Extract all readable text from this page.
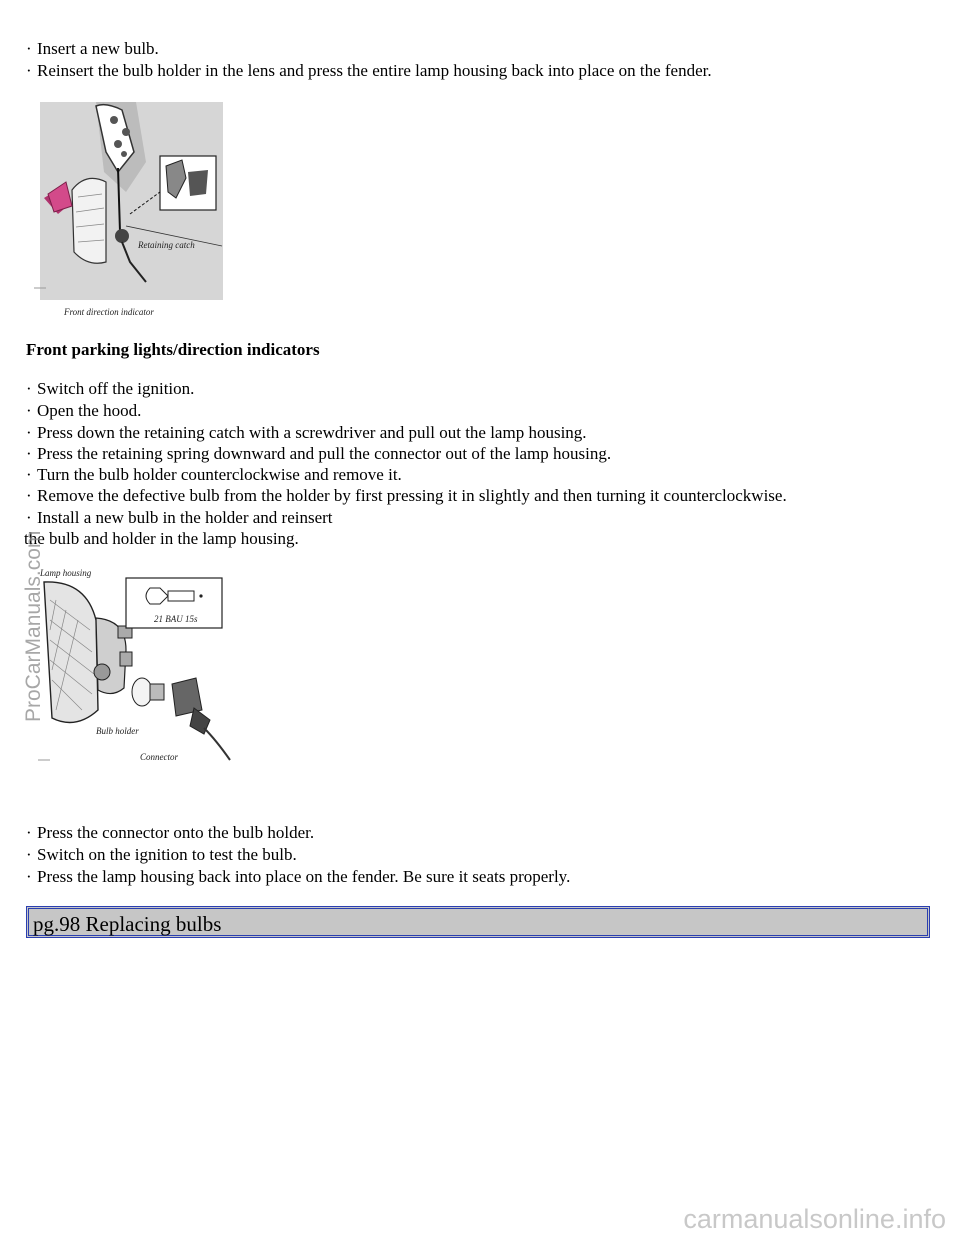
· Insert a new bulb.
· Reinsert the bulb holder in the lens and press the entire lamp housing back into place on the fender.
Retaining catch
Front direction indicator
Front parking lights/direction indicators
· Switch off the ignition.
· Open the hood.
· Press down the retaining catch with a screwdriver and pull out the lamp housing.
· Press the retaining spring downward and pull the connector out of the lamp housing.
· Turn the bulb holder counterclockwise and remove it.
· Remove the defective bulb from the holder by first pressing it in slightly and then turning it counterclockwise.
· Install a new bulb in the holder and reinsert
the bulb and holder in the lamp housing.
Lamp housing
21 BAU 15s
Bulb holder
Connector
· Press the connector onto the bulb holder.
· Switch on the ignition to test the bulb.
· Press the lamp housing back into place on the fender. Be sure it seats properly.
pg.98 Replacing bulbs
ProCarManuals.com
carmanualsonline.info
